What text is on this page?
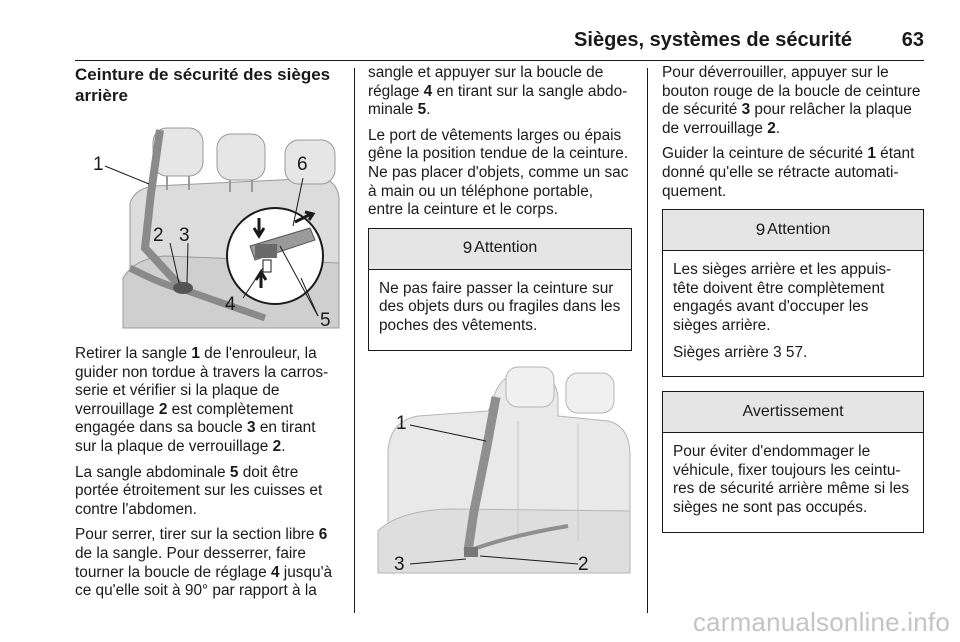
Sièges, systèmes de sécurité 63
Ceinture de sécurité des sièges arrière
1
2 3
4
5
6

Retirer la sangle 1 de l'enrouleur, la guider non tordue à travers la carrosserie et vérifier si la plaque de verrouillage 2 est complètement engagée dans sa boucle 3 en tirant sur la plaque de verrouillage 2.

La sangle abdominale 5 doit être portée étroitement sur les cuisses et contre l'abdomen.

Pour serrer, tirer sur la section libre 6 de la sangle. Pour desserrer, faire tourner la boucle de réglage 4 jusqu'à ce qu'elle soit à 90° par rapport à la

sangle et appuyer sur la boucle de réglage 4 en tirant sur la sangle abdominale 5.

Le port de vêtements larges ou épais gêne la position tendue de la ceinture. Ne pas placer d'objets, comme un sac à main ou un téléphone portable, entre la ceinture et le corps.

9 Attention

Ne pas faire passer la ceinture sur des objets durs ou fragiles dans les poches des vêtements.

1
2
3

Pour déverrouiller, appuyer sur le bouton rouge de la boucle de ceinture de sécurité 3 pour relâcher la plaque de verrouillage 2.

Guider la ceinture de sécurité 1 étant donné qu'elle se rétracte automatiquement.

9 Attention

Les sièges arrière et les appuis-tête doivent être complètement engagés avant d'occuper les sièges arrière.

Sièges arrière 3 57.

Avertissement

Pour éviter d'endommager le véhicule, fixer toujours les ceintures de sécurité arrière même si les sièges ne sont pas occupés.

carmanualsonline.info
